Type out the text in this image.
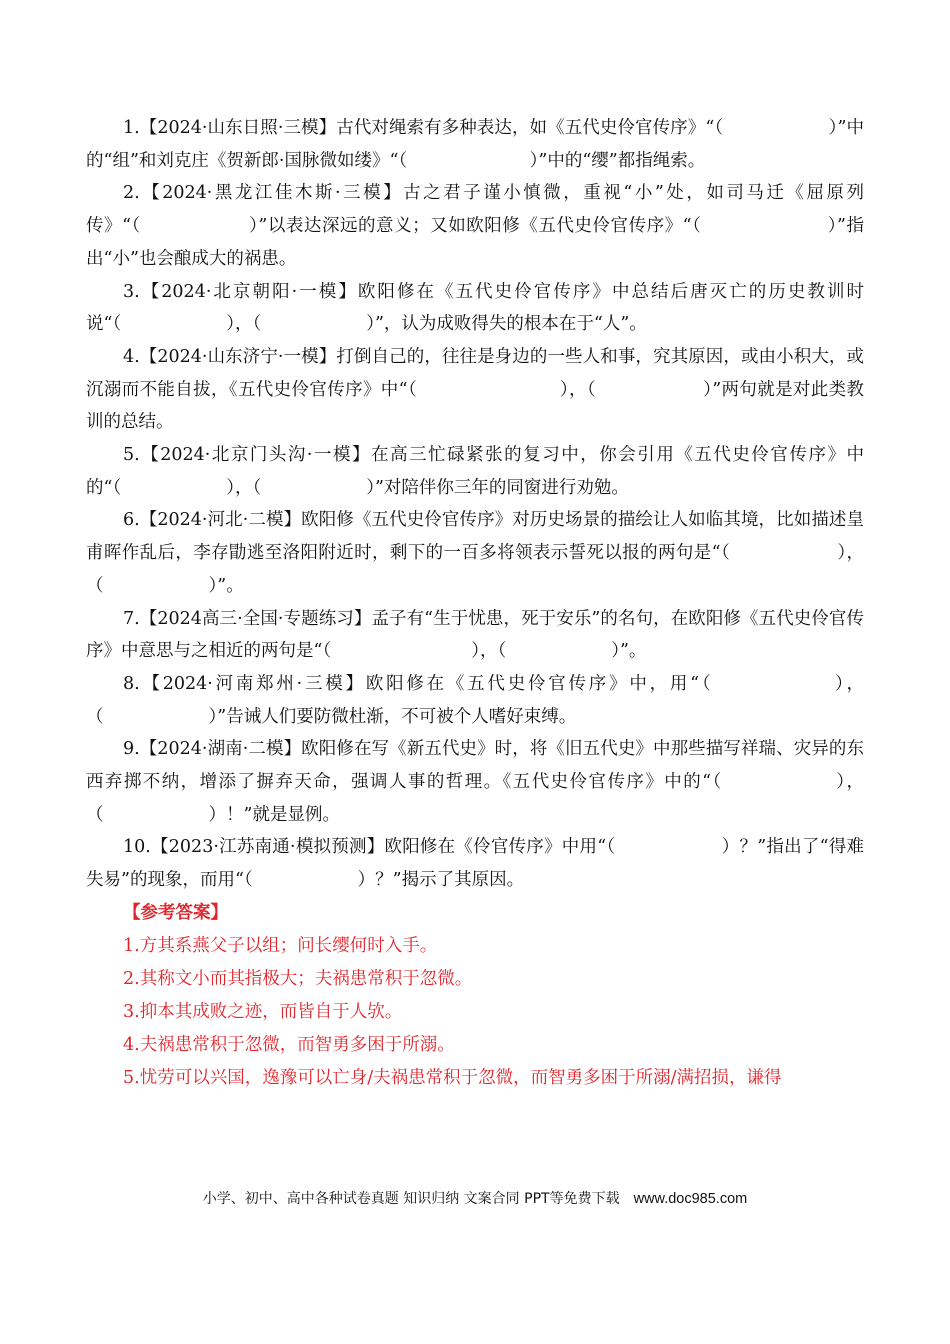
1.【2024·山东日照·三模】古代对绳索有多种表达，如《五代史伶官传序》“（　　　　　　）”中的“组”和刘克庄《贺新郎·国脉微如缕》“（　　　　　　　）”中的“缨”都指绳索。

2.【2024·黑龙江佳木斯·三模】古之君子谨小慎微，重视“小”处，如司马迁《屈原列传》“（　　　　　　）”以表达深远的意义；又如欧阳修《五代史伶官传序》“（　　　　　　　）”指出“小”也会酿成大的祸患。

3.【2024·北京朝阳·一模】欧阳修在《五代史伶官传序》中总结后唐灭亡的历史教训时说“（　　　　　　），（　　　　　　）”，认为成败得失的根本在于“人”。

4.【2024·山东济宁·一模】打倒自己的，往往是身边的一些人和事，究其原因，或由小积大，或沉溺而不能自拔，《五代史伶官传序》中“（　　　　　　　　），（　　　　　　）”两句就是对此类教训的总结。

5.【2024·北京门头沟·一模】在高三忙碌紧张的复习中，你会引用《五代史伶官传序》中的“（　　　　　　），（　　　　　　）”对陪伴你三年的同窗进行劝勉。

6.【2024·河北·二模】欧阳修《五代史伶官传序》对历史场景的描绘让人如临其境，比如描述皇甫晖作乱后，李存勖逃至洛阳附近时，剩下的一百多将领表示誓死以报的两句是“（　　　　　　），（　　　　　　）”。

7.【2024高三·全国·专题练习】孟子有“生于忧患，死于安乐”的名句，在欧阳修《五代史伶官传序》中意思与之相近的两句是“（　　　　　　　　），（　　　　　　）”。

8.【2024·河南郑州·三模】欧阳修在《五代史伶官传序》中，用“（　　　　　　），（　　　　　　）”告诫人们要防微杜渐，不可被个人嗜好束缚。

9.【2024·湖南·二模】欧阳修在写《新五代史》时，将《旧五代史》中那些描写祥瑞、灾异的东西弃掷不纳，增添了摒弃天命，强调人事的哲理。《五代史伶官传序》中的“（　　　　　　），（　　　　　　）！”就是显例。

10.【2023·江苏南通·模拟预测】欧阳修在《伶官传序》中用“（　　　　　　）？”指出了“得难失易”的现象，而用“（　　　　　　）？”揭示了其原因。

【参考答案】

1.方其系燕父子以组；问长缨何时入手。

2.其称文小而其指极大；夫祸患常积于忽微。

3.抑本其成败之迹，而皆自于人欤。

4.夫祸患常积于忽微，而智勇多困于所溺。

5.忧劳可以兴国，逸豫可以亡身/夫祸患常积于忽微，而智勇多困于所溺/满招损，谦得

小学、初中、高中各种试卷真题 知识归纳 文案合同 PPT等免费下载 www.doc985.com
